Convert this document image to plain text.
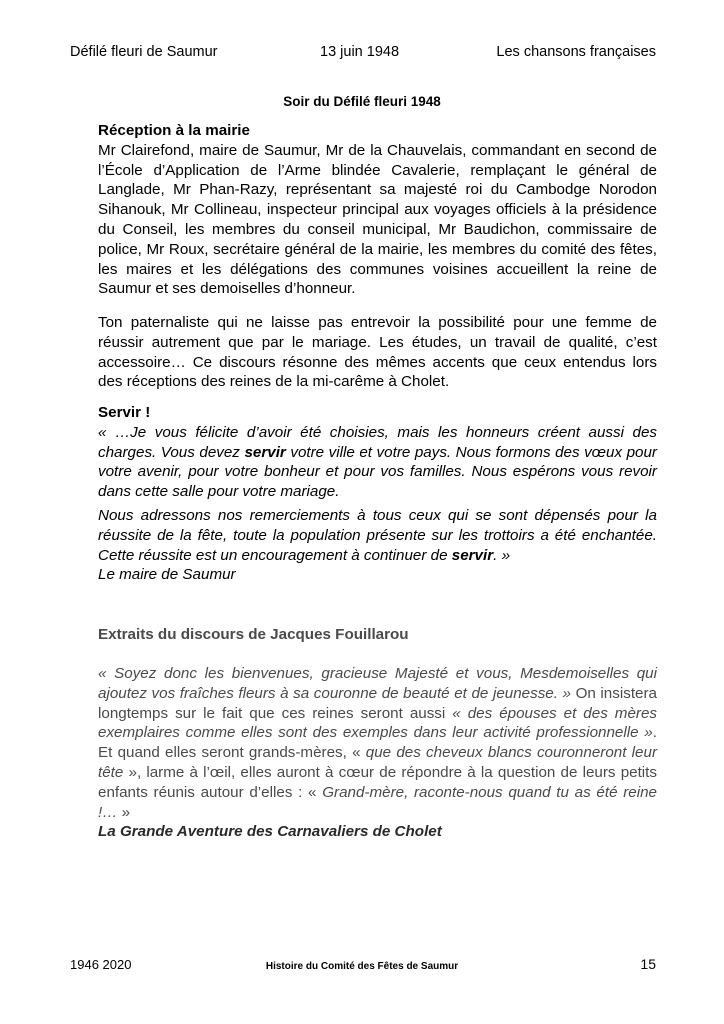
Défilé fleuri de Saumur	13 juin 1948	Les chansons françaises
Soir du Défilé fleuri 1948
Réception à la mairie

Mr Clairefond, maire de Saumur, Mr de la Chauvelais, commandant en second de l’École d’Application de l’Arme blindée Cavalerie, remplaçant le général de Langlade, Mr Phan-Razy, représentant sa majesté roi du Cambodge Norodon Sihanouk, Mr Collineau, inspecteur principal aux voyages officiels à la présidence du Conseil, les membres du conseil municipal, Mr Baudichon, commissaire de police, Mr Roux, secrétaire général de la mairie, les membres du comité des fêtes, les maires et les délégations des communes voisines accueillent la reine de Saumur et ses demoiselles d’honneur.

Ton paternaliste qui ne laisse pas entrevoir la possibilité pour une femme de réussir autrement que par le mariage. Les études, un travail de qualité, c’est accessoire… Ce discours résonne des mêmes accents que ceux entendus lors des réceptions des reines de la mi-carême à Cholet.

Servir !

« …Je vous félicite d’avoir été choisies, mais les honneurs créent aussi des charges. Vous devez servir votre ville et votre pays. Nous formons des vœux pour votre avenir, pour votre bonheur et pour vos familles. Nous espérons vous revoir dans cette salle pour votre mariage.

Nous adressons nos remerciements à tous ceux qui se sont dépensés pour la réussite de la fête, toute la population présente sur les trottoirs a été enchantée. Cette réussite est un encouragement à continuer de servir. »

Le maire de Saumur
Extraits du discours de Jacques Fouillarou

« Soyez donc les bienvenues, gracieuse Majesté et vous, Mesdemoiselles qui ajoutez vos fraîches fleurs à sa couronne de beauté et de jeunesse. » On insistera longtemps sur le fait que ces reines seront aussi « des épouses et des mères exemplaires comme elles sont des exemples dans leur activité professionnelle ». Et quand elles seront grands-mères, « que des cheveux blancs couronneront leur tête », larme à l’œil, elles auront à cœur de répondre à la question de leurs petits enfants réunis autour d’elles : « Grand-mère, raconte-nous quand tu as été reine !… »

La Grande Aventure des Carnavaliers de Cholet
1946 2020	Histoire du Comité des Fêtes de Saumur	15
